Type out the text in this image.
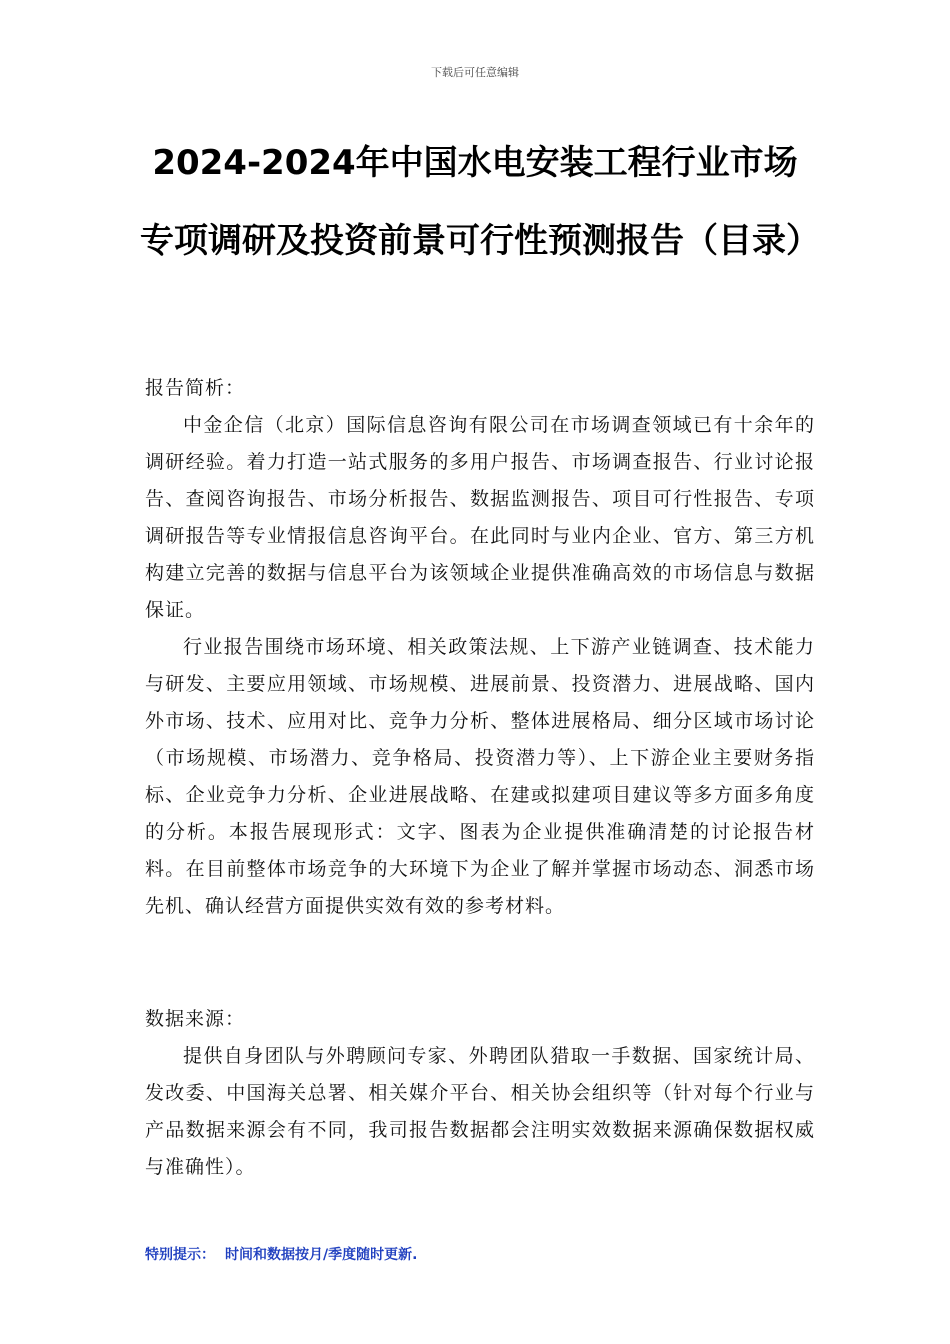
下载后可任意编辑
2024-2024年中国水电安装工程行业市场专项调研及投资前景可行性预测报告（目录）

报告简析：

中金企信（北京）国际信息咨询有限公司在市场调查领域已有十余年的调研经验。着力打造一站式服务的多用户报告、市场调查报告、行业讨论报告、查阅咨询报告、市场分析报告、数据监测报告、项目可行性报告、专项调研报告等专业情报信息咨询平台。在此同时与业内企业、官方、第三方机构建立完善的数据与信息平台为该领域企业提供准确高效的市场信息与数据保证。

行业报告围绕市场环境、相关政策法规、上下游产业链调查、技术能力与研发、主要应用领域、市场规模、进展前景、投资潜力、进展战略、国内外市场、技术、应用对比、竞争力分析、整体进展格局、细分区域市场讨论（市场规模、市场潜力、竞争格局、投资潜力等）、上下游企业主要财务指标、企业竞争力分析、企业进展战略、在建或拟建项目建议等多方面多角度的分析。本报告展现形式：文字、图表为企业提供准确清楚的讨论报告材料。在目前整体市场竞争的大环境下为企业了解并掌握市场动态、洞悉市场先机、确认经营方面提供实效有效的参考材料。

数据来源：

提供自身团队与外聘顾问专家、外聘团队猎取一手数据、国家统计局、发改委、中国海关总署、相关媒介平台、相关协会组织等（针对每个行业与产品数据来源会有不同，我司报告数据都会注明实效数据来源确保数据权威与准确性）。

特别提示： 时间和数据按月/季度随时更新.
